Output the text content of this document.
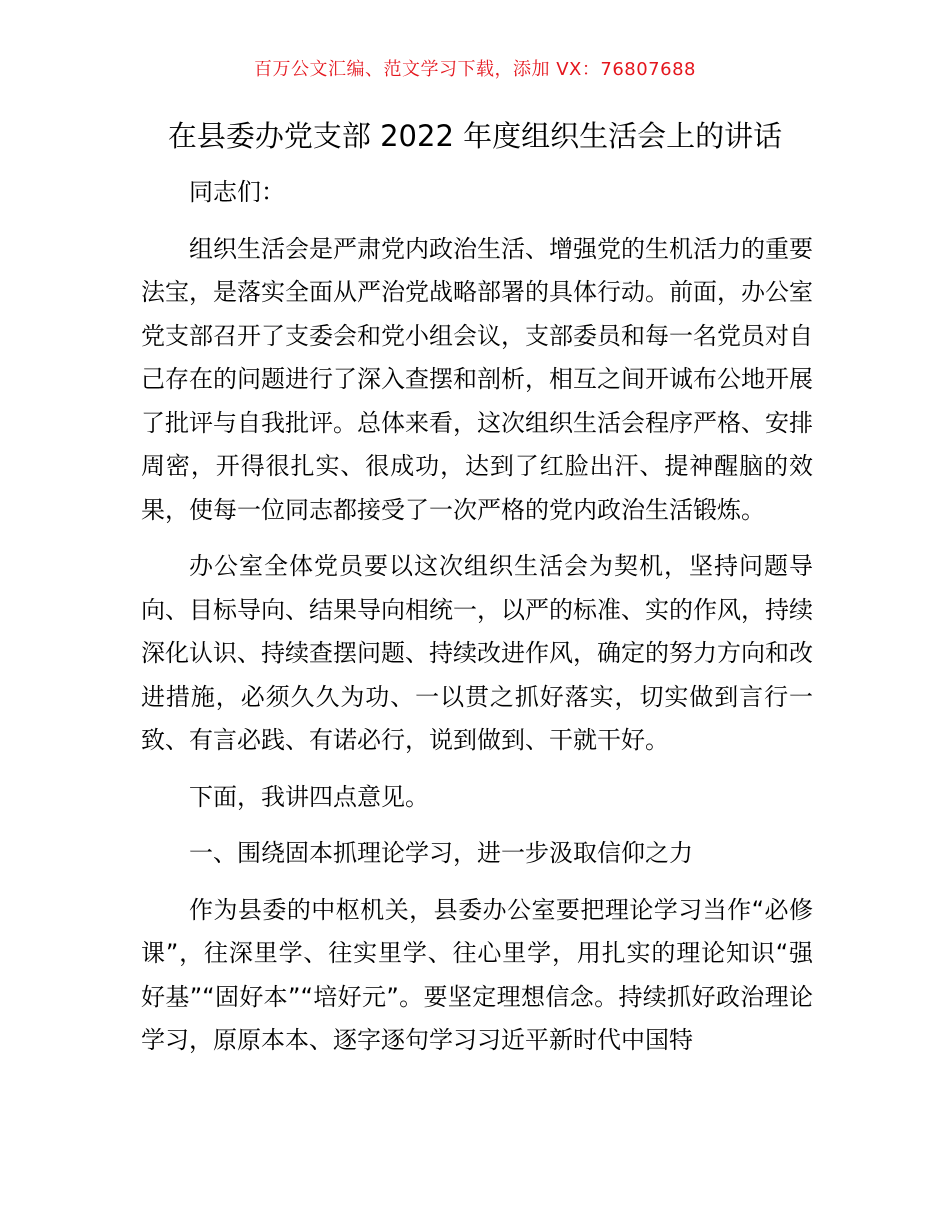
百万公文汇编、范文学习下载，添加 VX：76807688
在县委办党支部 2022 年度组织生活会上的讲话

同志们：

组织生活会是严肃党内政治生活、增强党的生机活力的重要法宝，是落实全面从严治党战略部署的具体行动。前面，办公室党支部召开了支委会和党小组会议，支部委员和每一名党员对自己存在的问题进行了深入查摆和剖析，相互之间开诚布公地开展了批评与自我批评。总体来看，这次组织生活会程序严格、安排周密，开得很扎实、很成功，达到了红脸出汗、提神醒脑的效果，使每一位同志都接受了一次严格的党内政治生活锻炼。

办公室全体党员要以这次组织生活会为契机，坚持问题导向、目标导向、结果导向相统一，以严的标准、实的作风，持续深化认识、持续查摆问题、持续改进作风，确定的努力方向和改进措施，必须久久为功、一以贯之抓好落实，切实做到言行一致、有言必践、有诺必行，说到做到、干就干好。

下面，我讲四点意见。

一、围绕固本抓理论学习，进一步汲取信仰之力

作为县委的中枢机关，县委办公室要把理论学习当作“必修课”，往深里学、往实里学、往心里学，用扎实的理论知识“强好基”“固好本”“培好元”。要坚定理想信念。持续抓好政治理论学习，原原本本、逐字逐句学习习近平新时代中国特
